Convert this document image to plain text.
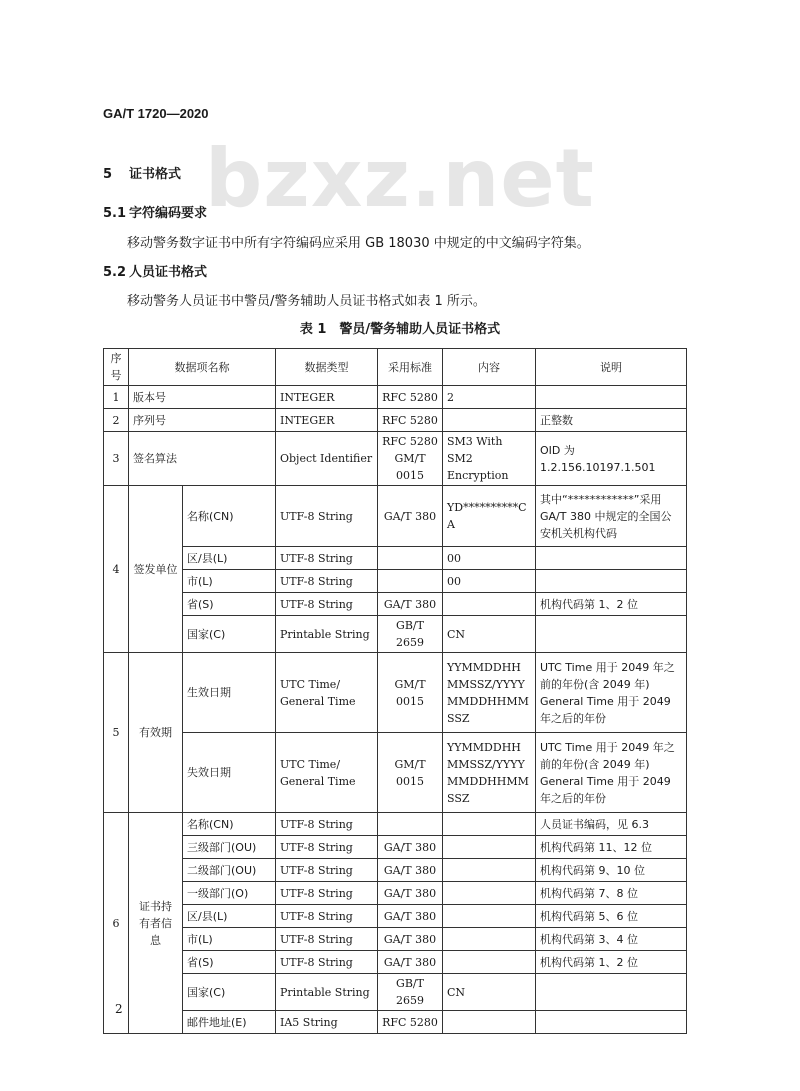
GA/T 1720—2020
bzxz.net
5 证书格式
5.1 字符编码要求
移动警务数字证书中所有字符编码应采用 GB 18030 中规定的中文编码字符集。
5.2 人员证书格式
移动警务人员证书中警员/警务辅助人员证书格式如表 1 所示。
表 1　警员/警务辅助人员证书格式
序号	数据项名称		数据类型	采用标准	内容	说明
1	版本号		INTEGER	RFC 5280	2	
2	序列号		INTEGER	RFC 5280		正整数
3	签名算法		Object Identifier	RFC 5280 GM/T 0015	SM3 With SM2 Encryption	OID 为 1.2.156.10197.1.501
4	签发单位	名称(CN)	UTF-8 String	GA/T 380	YD**********CA	其中“************”采用 GA/T 380 中规定的全国公安机关机构代码
		区/县(L)	UTF-8 String		00	
		市(L)	UTF-8 String		00	
		省(S)	UTF-8 String	GA/T 380		机构代码第 1、2 位
		国家(C)	Printable String	GB/T 2659	CN	
5	有效期	生效日期	UTC Time/ General Time	GM/T 0015	YYMMDDHHMMSSZ/YYYYMMDDHHMMSSZ	UTC Time 用于 2049 年之前的年份(含 2049 年) General Time 用于 2049 年之后的年份
		失效日期	UTC Time/ General Time	GM/T 0015	YYMMDDHHMMSSZ/YYYYMMDDHHMMSSZ	UTC Time 用于 2049 年之前的年份(含 2049 年) General Time 用于 2049 年之后的年份
6	证书持有者信息	名称(CN)	UTF-8 String			人员证书编码，见 6.3
		三级部门(OU)	UTF-8 String	GA/T 380		机构代码第 11、12 位
		二级部门(OU)	UTF-8 String	GA/T 380		机构代码第 9、10 位
		一级部门(O)	UTF-8 String	GA/T 380		机构代码第 7、8 位
		区/县(L)	UTF-8 String	GA/T 380		机构代码第 5、6 位
		市(L)	UTF-8 String	GA/T 380		机构代码第 3、4 位
		省(S)	UTF-8 String	GA/T 380		机构代码第 1、2 位
		国家(C)	Printable String	GB/T 2659	CN	
		邮件地址(E)	IA5 String	RFC 5280		
2
